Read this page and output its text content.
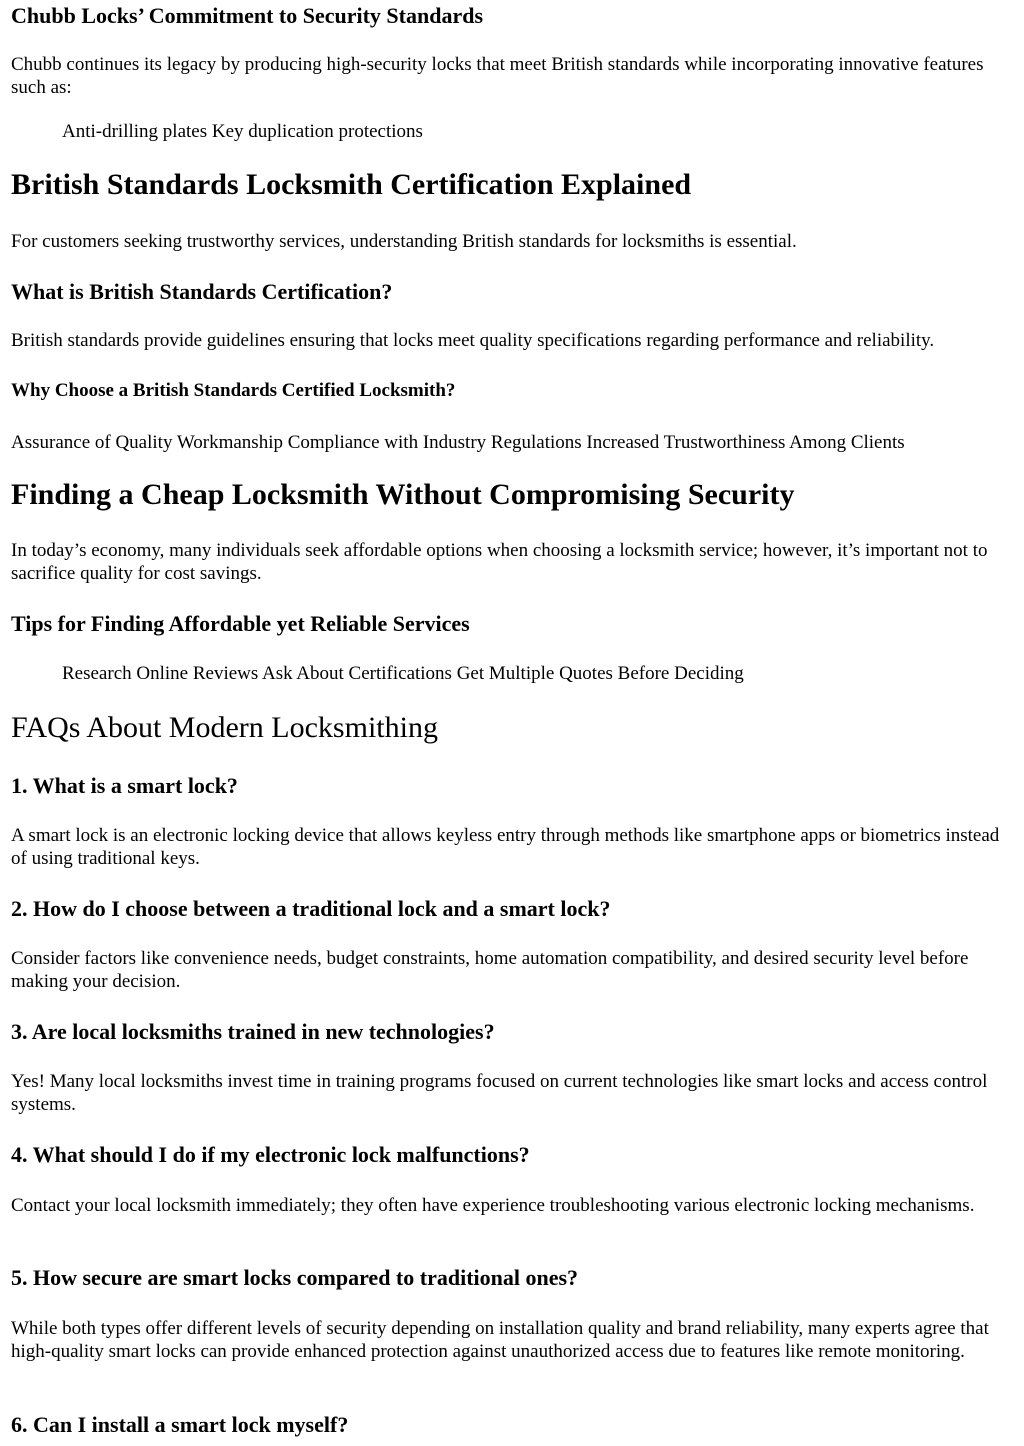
Chubb Locks’ Commitment to Security Standards

Chubb continues its legacy by producing high-security locks that meet British standards while incorporating innovative features such as:

Anti-drilling plates Key duplication protections
British Standards Locksmith Certification Explained

For customers seeking trustworthy services, understanding British standards for locksmiths is essential.

What is British Standards Certification?

British standards provide guidelines ensuring that locks meet quality specifications regarding performance and reliability.

Why Choose a British Standards Certified Locksmith?

Assurance of Quality Workmanship Compliance with Industry Regulations Increased Trustworthiness Among Clients

Finding a Cheap Locksmith Without Compromising Security

In today’s economy, many individuals seek affordable options when choosing a locksmith service; however, it’s important not to sacrifice quality for cost savings.

Tips for Finding Affordable yet Reliable Services
Research Online Reviews Ask About Certifications Get Multiple Quotes Before Deciding
FAQs About Modern Locksmithing
1. What is a smart lock?

A smart lock is an electronic locking device that allows keyless entry through methods like smartphone apps or biometrics instead of using traditional keys.

2. How do I choose between a traditional lock and a smart lock?

Consider factors like convenience needs, budget constraints, home automation compatibility, and desired security level before making your decision.

3. Are local locksmiths trained in new technologies?

Yes! Many local locksmiths invest time in training programs focused on current technologies like smart locks and access control systems.

4. What should I do if my electronic lock malfunctions?

Contact your local locksmith immediately; they often have experience troubleshooting various electronic locking mechanisms.

5. How secure are smart locks compared to traditional ones?

While both types offer different levels of security depending on installation quality and brand reliability, many experts agree that high-quality smart locks can provide enhanced protection against unauthorized access due to features like remote monitoring.

6. Can I install a smart lock myself?
